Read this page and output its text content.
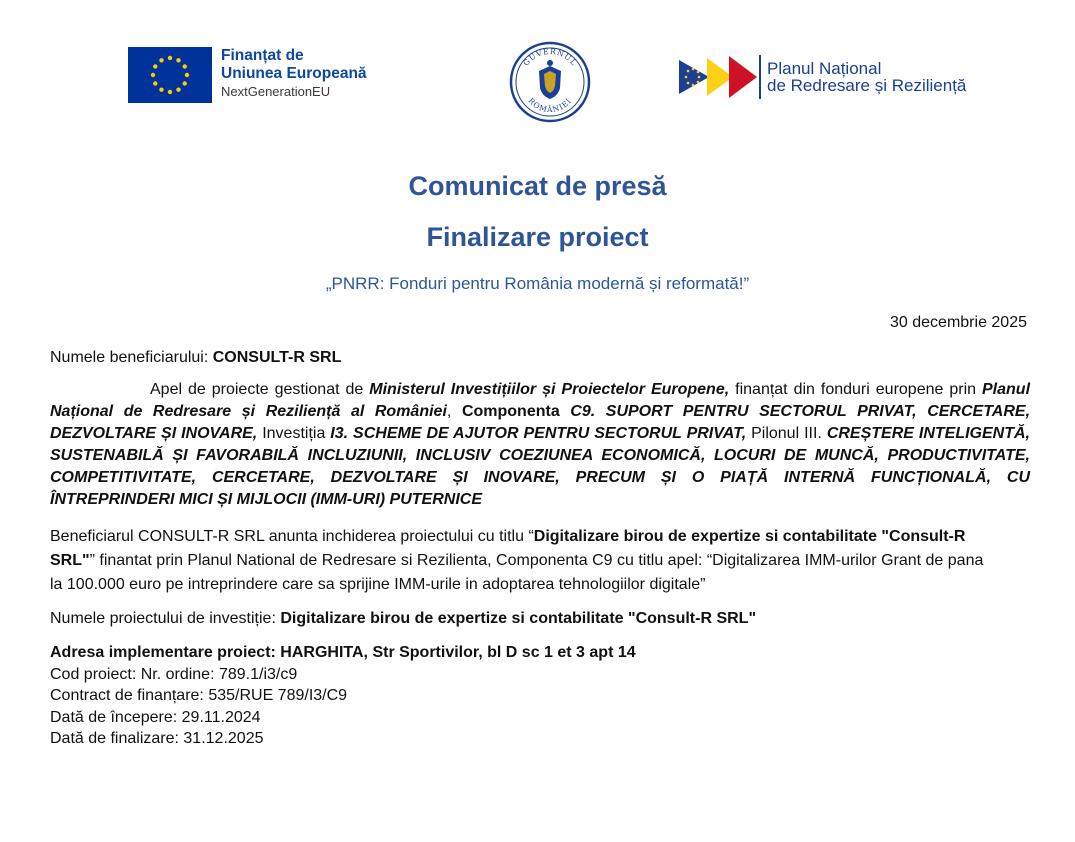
Finanțat de
Uniunea Europeană
NextGenerationEU
GUVERNUL
ROMÂNIEI
Planul Național
de Redresare și Reziliență
Comunicat de presă
Finalizare proiect
„PNRR: Fonduri pentru România modernă și reformată!”
30 decembrie 2025

Numele beneficiarului: CONSULT-R SRL

Apel de proiecte gestionat de Ministerul Investițiilor și Proiectelor Europene, finanțat din fonduri europene prin Planul Național de Redresare și Reziliență al României, Componenta C9. SUPORT PENTRU SECTORUL PRIVAT, CERCETARE, DEZVOLTARE ȘI INOVARE, Investiția I3. SCHEME DE AJUTOR PENTRU SECTORUL PRIVAT, Pilonul III. CREȘTERE INTELIGENTĂ, SUSTENABILĂ ȘI FAVORABILĂ INCLUZIUNII, INCLUSIV COEZIUNEA ECONOMICĂ, LOCURI DE MUNCĂ, PRODUCTIVITATE, COMPETITIVITATE, CERCETARE, DEZVOLTARE ȘI INOVARE, PRECUM ȘI O PIAȚĂ INTERNĂ FUNCȚIONALĂ, CU ÎNTREPRINDERI MICI ȘI MIJLOCII (IMM-URI) PUTERNICE

Beneficiarul CONSULT-R SRL anunta inchiderea proiectului cu titlu “Digitalizare birou de expertize si contabilitate "Consult-R SRL"” finantat prin Planul National de Redresare si Rezilienta, Componenta C9 cu titlu apel: “Digitalizarea IMM-urilor Grant de pana la 100.000 euro pe intreprindere care sa sprijine IMM-urile in adoptarea tehnologiilor digitale”

Numele proiectului de investiție: Digitalizare birou de expertize si contabilitate "Consult-R SRL"

Adresa implementare proiect: HARGHITA, Str Sportivilor, bl D sc 1 et 3 apt 14
Cod proiect: Nr. ordine: 789.1/i3/c9
Contract de finanțare: 535/RUE 789/I3/C9
Dată de începere: 29.11.2024
Dată de finalizare: 31.12.2025
